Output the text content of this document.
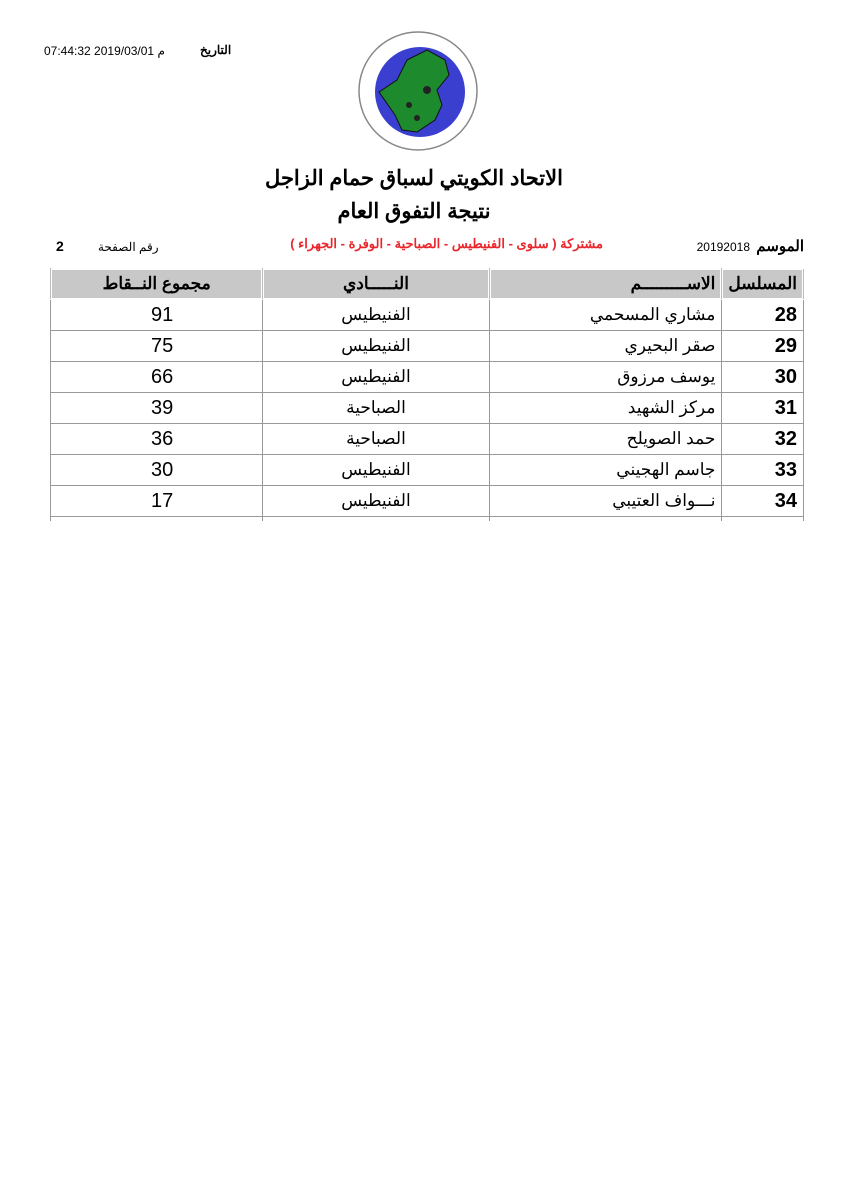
07:44:32 2019/03/01 م	التاريخ
الاتحاد الكويتي لسباق حمام الزاجل
نتيجة التفوق العام
الموسم
20192018
مشتركة ( سلوى - الفنيطيس - الصباحية - الوفرة - الجهراء )
رقم الصفحة
2
المسلسل	الاســـــــــم	النـــــادي	مجموع النــقاط
28	مشاري المسحمي	الفنيطيس	91
29	صقر البحيري	الفنيطيس	75
30	يوسف مرزوق	الفنيطيس	66
31	مركز الشهيد	الصباحية	39
32	حمد الصويلح	الصباحية	36
33	جاسم الهجيني	الفنيطيس	30
34	نـــواف العتيبي	الفنيطيس	17
